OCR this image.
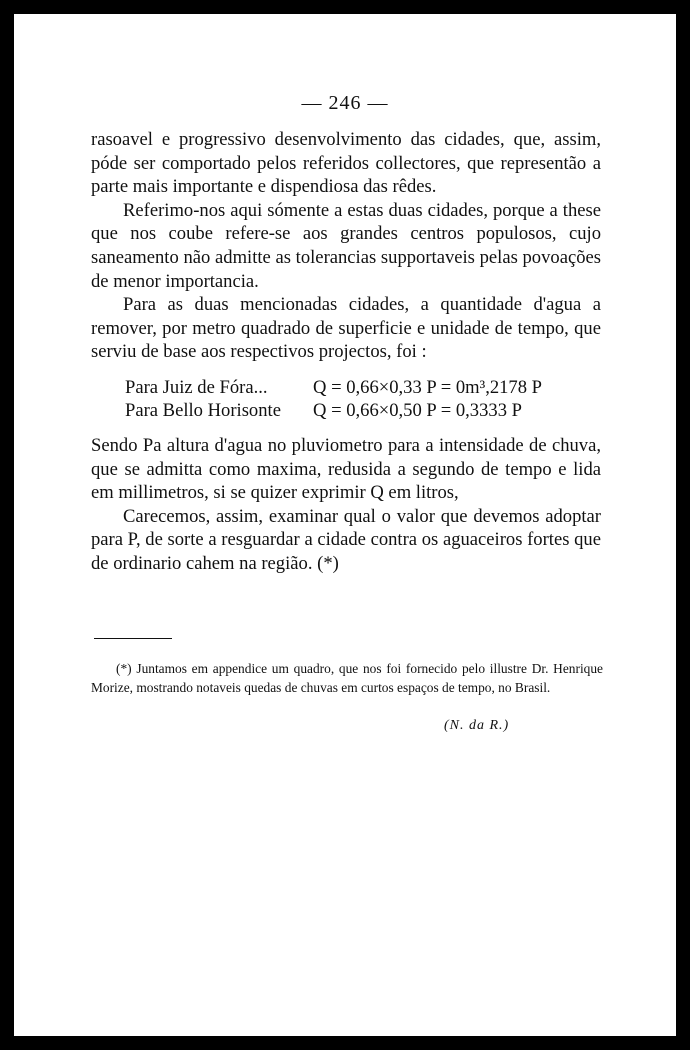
— 246 —

rasoavel e progressivo desenvolvimento das cidades, que, assim, póde ser comportado pelos referidos collectores, que representão a parte mais importante e dispendiosa das rêdes.

Referimo-nos aqui sómente a estas duas cidades, porque a these que nos coube refere-se aos grandes centros populosos, cujo saneamento não admitte as tolerancias supportaveis pelas povoações de menor importancia.

Para as duas mencionadas cidades, a quantidade d'agua a remover, por metro quadrado de superficie e unidade de tempo, que serviu de base aos respectivos projectos, foi :

Para Juiz de Fóra...	Q = 0,66×0,33 P = 0m³,2178 P
Para Bello Horisonte	Q = 0,66×0,50 P = 0,3333 P

Sendo Pa altura d'agua no pluviometro para a intensidade de chuva, que se admitta como maxima, redusida a segundo de tempo e lida em millimetros, si se quizer exprimir Q em litros,

Carecemos, assim, examinar qual o valor que devemos adoptar para P, de sorte a resguardar a cidade contra os aguaceiros fortes que de ordinario cahem na região. (*)

(*) Juntamos em appendice um quadro, que nos foi fornecido pelo illustre Dr. Henrique Morize, mostrando notaveis quedas de chuvas em curtos espaços de tempo, no Brasil.

(N. da R.)
